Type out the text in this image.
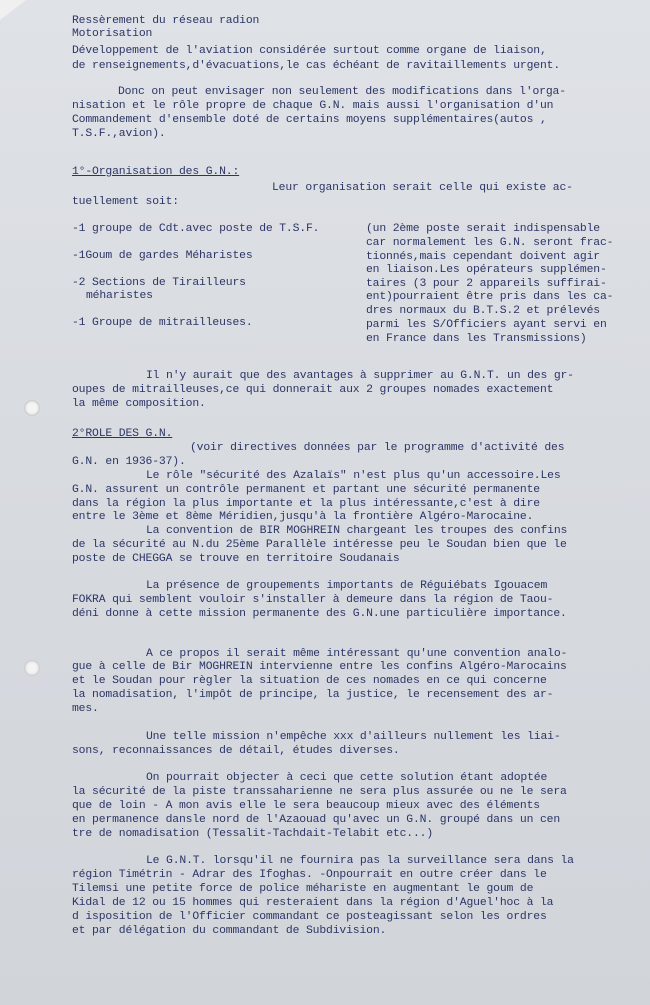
Ressèrement du réseau radion
Motorisation
Développement de l'aviation considérée surtout comme organe de liaison,
de renseignements,d'évacuations,le cas échéant de ravitaillements urgent.
Donc on peut envisager non seulement des modifications dans l'orga-
nisation et le rôle propre de chaque G.N. mais aussi l'organisation d'un
Commandement d'ensemble doté de certains moyens supplémentaires(autos ,
T.S.F.,avion).
1°-Organisation des G.N.:
Leur organisation serait celle qui existe ac-
tuellement soit:
-1 groupe de Cdt.avec poste de T.S.F.
-1Goum de gardes Méharistes
-2 Sections de Tirailleurs
méharistes
-1 Groupe de mitrailleuses.
(un 2ème poste serait indispensable
car normalement les G.N. seront frac-
tionnés,mais cependant doivent agir
en liaison.Les opérateurs supplémen-
taires (3 pour 2 appareils suffirai-
ent)pourraient être pris dans les ca-
dres normaux du B.T.S.2 et prélevés
parmi les S/Officiers ayant servi en
en France dans les Transmissions)
Il n'y aurait que des avantages à supprimer au G.N.T. un des gr-
oupes de mitrailleuses,ce qui donnerait aux 2 groupes nomades exactement
la même composition.
2°ROLE DES G.N.
(voir directives données par le programme d'activité des
G.N. en 1936-37).
Le rôle "sécurité des Azalaïs" n'est plus qu'un accessoire.Les
G.N. assurent un contrôle permanent et partant une sécurité permanente
dans la région la plus importante et la plus intéressante,c'est à dire
entre le 3ème et 8ème Méridien,jusqu'à la frontière Algéro-Marocaine.
La convention de BIR MOGHREIN chargeant les troupes des confins
de la sécurité au N.du 25ème Parallèle intéresse peu le Soudan bien que le
poste de CHEGGA se trouve en territoire Soudanais
La présence de groupements importants de Réguiébats Igouacem
FOKRA qui semblent vouloir s'installer à demeure dans la région de Taou-
déni donne à cette mission permanente des G.N.une particulière importance.
A ce propos il serait même intéressant qu'une convention analo-
gue à celle de Bir MOGHREIN intervienne entre les confins Algéro-Marocains
et le Soudan pour règler la situation de ces nomades en ce qui concerne
la nomadisation, l'impôt de principe, la justice, le recensement des ar-
mes.
Une telle mission n'empêche xxx d'ailleurs nullement les liai-
sons, reconnaissances de détail, études diverses.
On pourrait objecter à ceci que cette solution étant adoptée
la sécurité de la piste transsaharienne ne sera plus assurée ou ne le sera
que de loin - A mon avis elle le sera beaucoup mieux avec des éléments
en permanence dansle nord de l'Azaouad qu'avec un G.N. groupé dans un cen
tre de nomadisation (Tessalit-Tachdait-Telabit etc...)
Le G.N.T. lorsqu'il ne fournira pas la surveillance sera dans la
région Timétrin - Adrar des Ifoghas. -Onpourrait en outre créer dans le
Tilemsi une petite force de police méhariste en augmentant le goum de
Kidal de 12 ou 15 hommes qui resteraient dans la région d'Aguel'hoc à la
d isposition de l'Officier commandant ce posteagissant selon les ordres
et par délégation du commandant de Subdivision.
